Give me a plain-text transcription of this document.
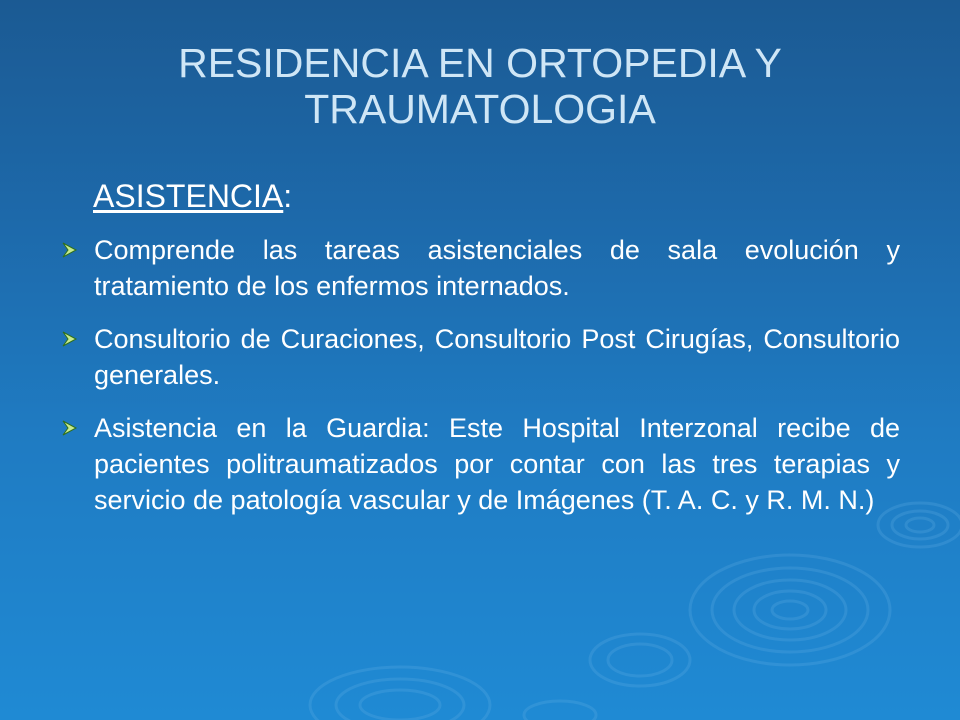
RESIDENCIA EN ORTOPEDIA Y
TRAUMATOLOGIA
ASISTENCIA:
Comprende las tareas asistenciales de sala evolución y tratamiento de los enfermos internados.
Consultorio de Curaciones, Consultorio Post Cirugías, Consultorio generales.
Asistencia en la Guardia: Este Hospital Interzonal recibe de pacientes politraumatizados por contar con las tres terapias y servicio de patología vascular y de Imágenes (T. A. C. y R. M. N.)
